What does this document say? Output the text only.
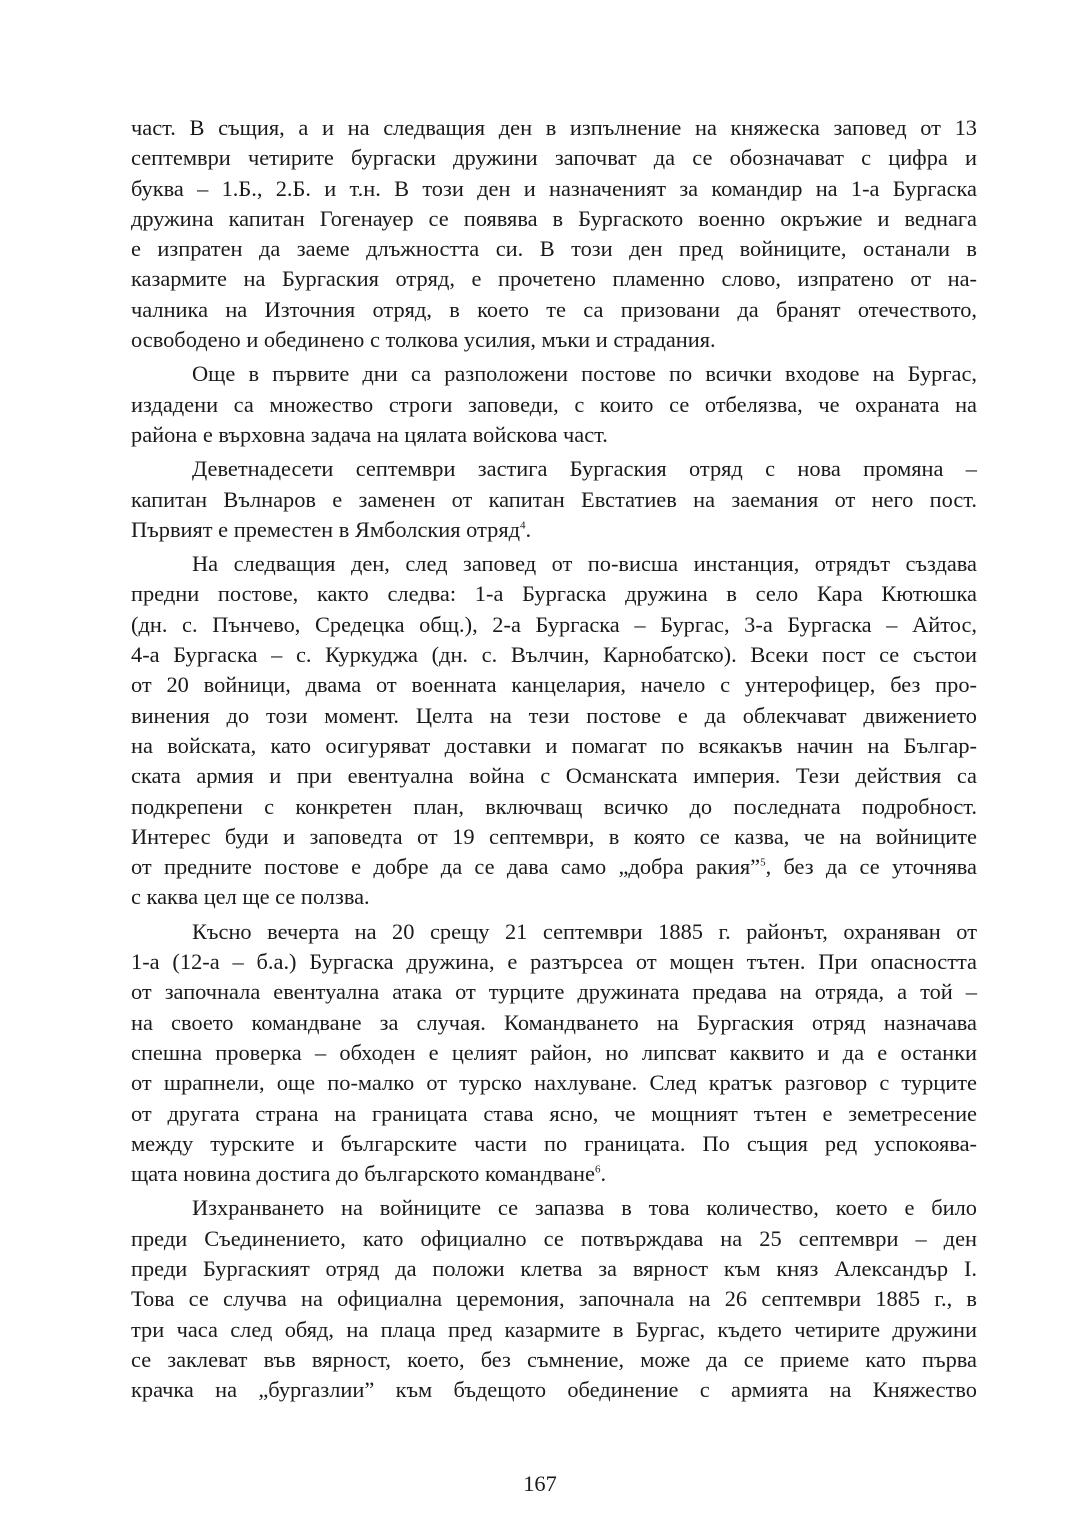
част. В същия, а и на следващия ден в изпълнение на княжеска заповед от 13
септември четирите бургаски дружини започват да се обозначават с цифра и
буква – 1.Б., 2.Б. и т.н. В този ден и назначеният за командир на 1-а Бургаска
дружина капитан Гогенауер се появява в Бургаското военно окръжие и веднага
е изпратен да заеме длъжността си. В този ден пред войниците, останали в
казармите на Бургаския отряд, е прочетено пламенно слово, изпратено от на-
чалника на Източния отряд, в което те са призовани да бранят отечеството,
освободено и обединено с толкова усилия, мъки и страдания.
Още в първите дни са разположени постове по всички входове на Бургас,
издадени са множество строги заповеди, с които се отбелязва, че охраната на
района е върховна задача на цялата войскова част.
Деветнадесети септември застига Бургаския отряд с нова промяна –
капитан Вълнаров е заменен от капитан Евстатиев на заемания от него пост.
Първият е преместен в Ямболския отряд$^4$.
На следващия ден, след заповед от по-висша инстанция, отрядът създава
предни постове, както следва: 1-а Бургаска дружина в село Кара Кютюшка
(дн. с. Пънчево, Средецка общ.), 2-а Бургаска – Бургас, 3-а Бургаска – Айтос,
4-а Бургаска – с. Куркуджа (дн. с. Вълчин, Карнобатско). Всеки пост се състои
от 20 войници, двама от военната канцелария, начело с унтерофицер, без про-
винения до този момент. Целта на тези постове е да облекчават движението
на войската, като осигуряват доставки и помагат по всякакъв начин на Българ-
ската армия и при евентуална война с Османската империя. Тези действия са
подкрепени с конкретен план, включващ всичко до последната подробност.
Интерес буди и заповедта от 19 септември, в която се казва, че на войниците
от предните постове е добре да се дава само „добра ракия”$^5$, без да се уточнява
с каква цел ще се ползва.
Късно вечерта на 20 срещу 21 септември 1885 г. районът, охраняван от
1-а (12-а – б.а.) Бургаска дружина, е разтърсеа от мощен тътен. При опасността
от започнала евентуална атака от турците дружината предава на отряда, а той –
на своето командване за случая. Командването на Бургаския отряд назначава
спешна проверка – обходен е целият район, но липсват каквито и да е останки
от шрапнели, още по-малко от турско нахлуване. След кратък разговор с турците
от другата страна на границата става ясно, че мощният тътен е земетресение
между турските и българските части по границата. По същия ред успокоява-
щата новина достига до българското командване$^6$.
Изхранването на войниците се запазва в това количество, което е било
преди Съединението, като официално се потвърждава на 25 септември – ден
преди Бургаският отряд да положи клетва за вярност към княз Александър I.
Това се случва на официална церемония, започнала на 26 септември 1885 г., в
три часа след обяд, на плаца пред казармите в Бургас, където четирите дружини
се заклеват във вярност, което, без съмнение, може да се приеме като първа
крачка на „бургазлии” към бъдещото обединение с армията на Княжество
167
